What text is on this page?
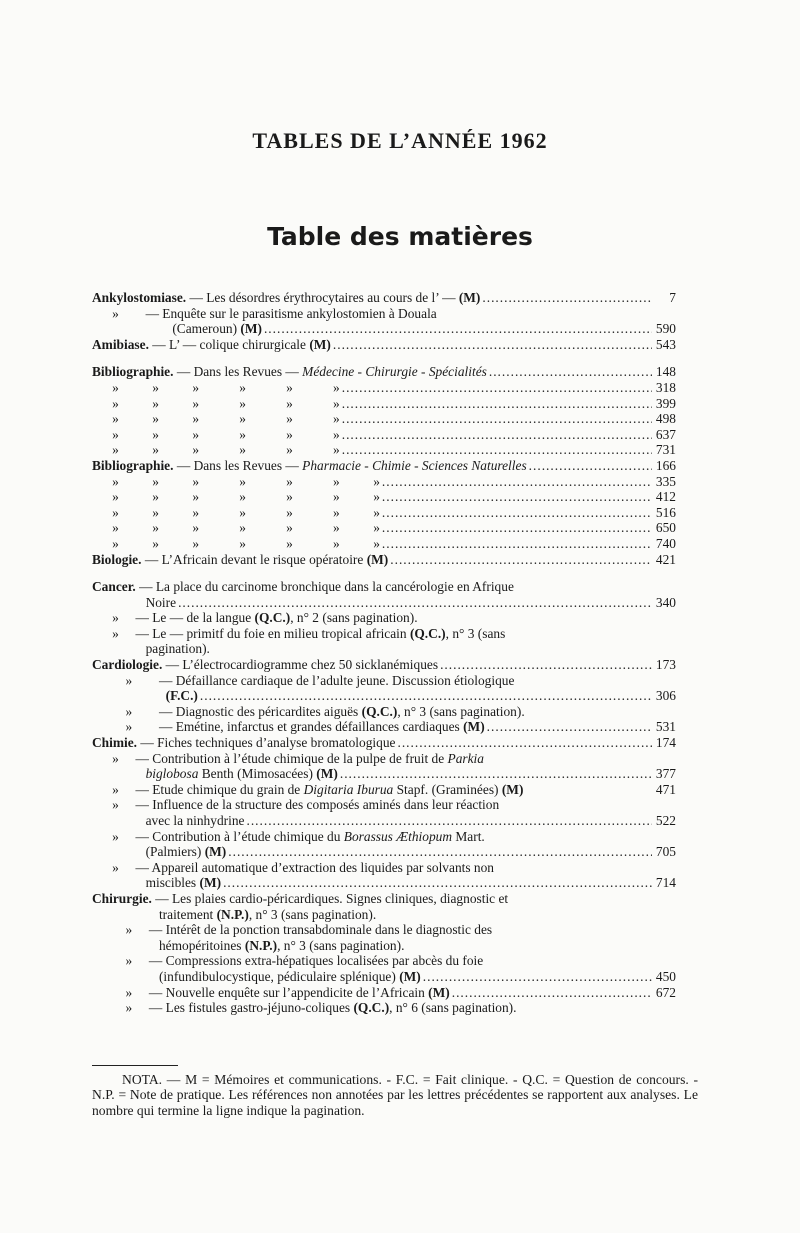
TABLES DE L’ANNÉE 1962
Table des matières
Ankylostomiase. — Les désordres érythrocytaires au cours de l’ — (M) .....	7
»        — Enquête sur le parasitisme ankylostomien à Douala
(Cameroun) (M) .....	590
Amibiase. — L’ — colique chirurgicale (M) .....	543
Bibliographie. — Dans les Revues — Médecine - Chirurgie - Spécialités .....	148
»          »          »            »            »            » .....	318
»          »          »            »            »            » .....	399
»          »          »            »            »            » .....	498
»          »          »            »            »            » .....	637
»          »          »            »            »            » .....	731
Bibliographie. — Dans les Revues — Pharmacie - Chimie - Sciences Naturelles .....	166
»          »          »            »            »            »          » .....	335
»          »          »            »            »            »          » .....	412
»          »          »            »            »            »          » .....	516
»          »          »            »            »            »          » .....	650
»          »          »            »            »            »          » .....	740
Biologie. — L’Africain devant le risque opératoire (M) .....	421
Cancer. — La place du carcinome bronchique dans la cancérologie en Afrique
Noire .....	340
»     — Le — de la langue (Q.C.), n° 2 (sans pagination).
»     — Le — primitf du foie en milieu tropical africain (Q.C.), n° 3 (sans
pagination).
Cardiologie. — L’électrocardiogramme chez 50 sicklanémiques .....	173
»        — Défaillance cardiaque de l’adulte jeune. Discussion étiologique
(F.C.) .....	306
»        — Diagnostic des péricardites aiguës (Q.C.), n° 3 (sans pagination).
»        — Emétine, infarctus et grandes défaillances cardiaques (M) .....	531
Chimie. — Fiches techniques d’analyse bromatologique .....	174
»     — Contribution à l’étude chimique de la pulpe de fruit de Parkia
biglobosa Benth (Mimosacées) (M) .....	377
»     — Etude chimique du grain de Digitaria Iburua Stapf. (Graminées) (M)	471
»     — Influence de la structure des composés aminés dans leur réaction
avec la ninhydrine .....	522
»     — Contribution à l’étude chimique du Borassus Æthiopum Mart.
(Palmiers) (M) .....	705
»     — Appareil automatique d’extraction des liquides par solvants non
miscibles (M) .....	714
Chirurgie. — Les plaies cardio-péricardiques. Signes cliniques, diagnostic et
traitement (N.P.), n° 3 (sans pagination).
»     — Intérêt de la ponction transabdominale dans le diagnostic des
hémopéritoines (N.P.), n° 3 (sans pagination).
»     — Compressions extra-hépatiques localisées par abcès du foie
(infundibulocystique, pédiculaire splénique) (M) .....	450
»     — Nouvelle enquête sur l’appendicite de l’Africain (M) .....	672
»     — Les fistules gastro-jéjuno-coliques (Q.C.), n° 6 (sans pagination).
NOTA. — M = Mémoires et communications. - F.C. = Fait clinique. - Q.C. = Question de concours. - N.P. = Note de pratique. Les références non annotées par les lettres précédentes se rapportent aux analyses. Le nombre qui termine la ligne indique la pagination.
